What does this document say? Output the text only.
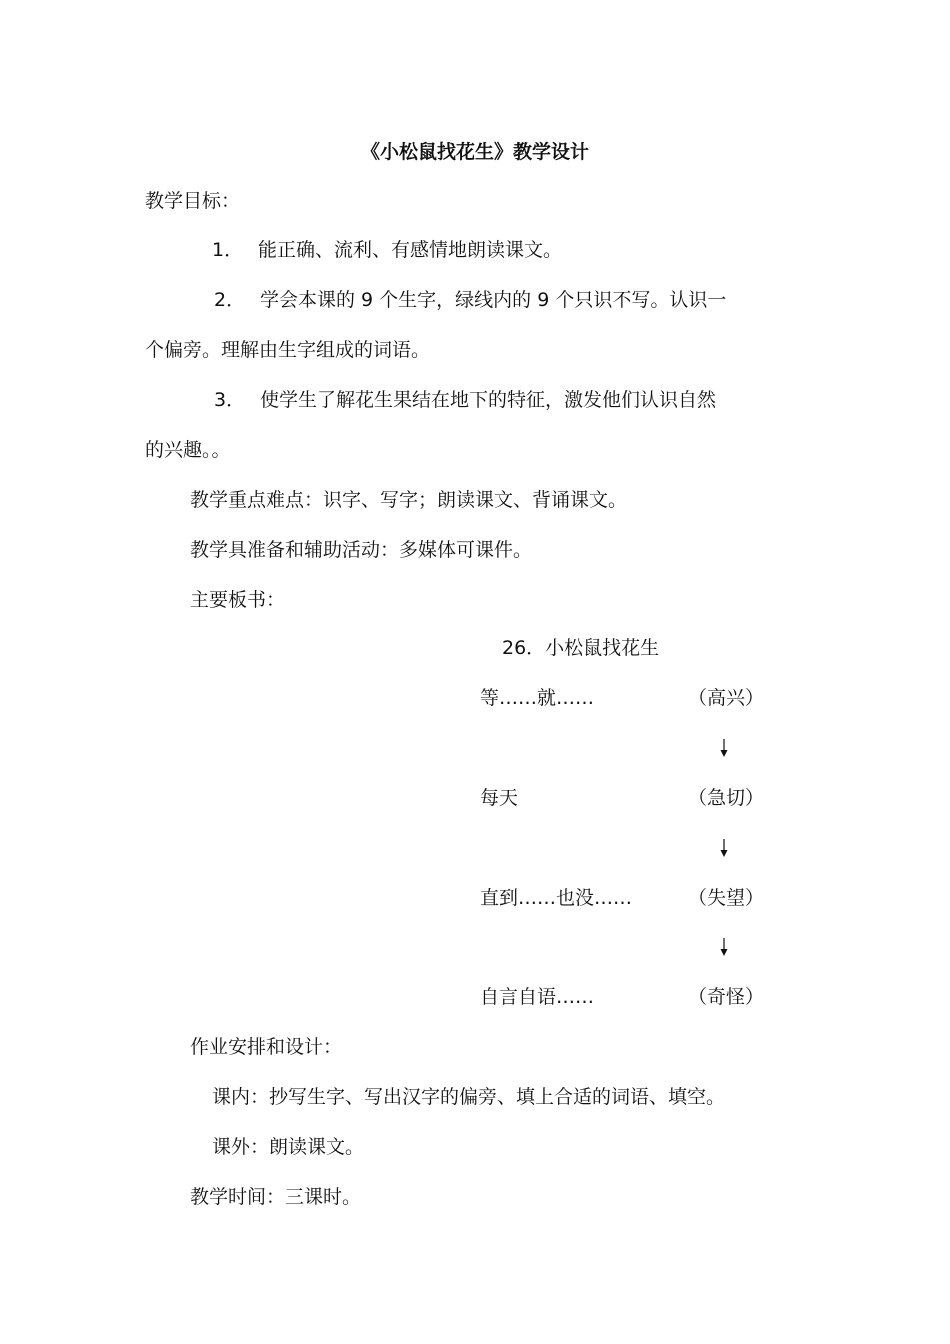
《小松鼠找花生》教学设计

教学目标：

1． 能正确、流利、有感情地朗读课文。

2． 学会本课的 9 个生字，绿线内的 9 个只识不写。认识一

个偏旁。理解由生字组成的词语。

3． 使学生了解花生果结在地下的特征，激发他们认识自然

的兴趣。。

教学重点难点：识字、写字；朗读课文、背诵课文。

教学具准备和辅助活动：多媒体可课件。

主要板书：

26．小松鼠找花生

等……就……	（高兴）

每天	（急切）

直到……也没……	（失望）

自言自语……	（奇怪）

作业安排和设计：

课内：抄写生字、写出汉字的偏旁、填上合适的词语、填空。

课外：朗读课文。

教学时间：三课时。
